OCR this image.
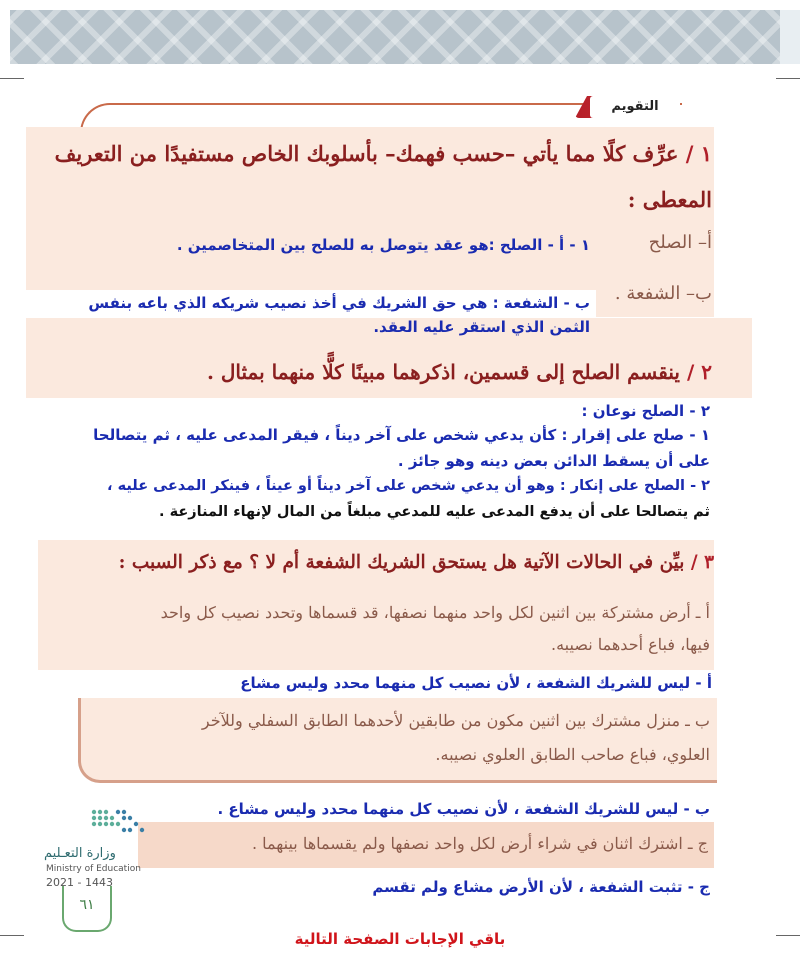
التقويم
١ / عرِّف كلًا مما يأتي –حسب فهمك– بأسلوبك الخاص مستفيدًا من التعريف
المعطى :
أ– الصلح
١ - أ - الصلح :هو عقد يتوصل به للصلح بين المتخاصمين .
ب– الشفعة .
ب - الشفعة : هي حق الشريك في أخذ نصيب شريكه الذي باعه بنفس
الثمن الذي استقر عليه العقد.
٢ / ينقسم الصلح إلى قسمين، اذكرهما مبينًا كلًّا منهما بمثال .
٢ - الصلح نوعان :
١ - صلح على إقرار : كأن يدعي شخص على آخر ديناً ، فيقر المدعى عليه ، ثم يتصالحا
على أن يسقط الدائن بعض دينه وهو جائز .
٢ - الصلح على إنكار : وهو أن يدعي شخص على آخر ديناً أو عيناً ، فينكر المدعى عليه ،
ثم يتصالحا على أن يدفع المدعى عليه للمدعي مبلغاً من المال لإنهاء المنازعة .
٣ / بيِّن في الحالات الآتية هل يستحق الشريك الشفعة أم لا ؟ مع ذكر السبب :
أ ـ أرض مشتركة بين اثنين لكل واحد منهما نصفها، قد قسماها وتحدد نصيب كل واحد
فيها، فباع أحدهما نصيبه.
أ - ليس للشريك الشفعة ، لأن نصيب كل منهما محدد وليس مشاع
ب ـ منزل مشترك بين اثنين مكون من طابقين لأحدهما الطابق السفلي وللآخر
العلوي، فباع صاحب الطابق العلوي نصيبه.
ب - ليس للشريك الشفعة ، لأن نصيب كل منهما محدد وليس مشاع .
ج ـ اشترك اثنان في شراء أرض لكل واحد نصفها ولم يقسماها بينهما .
ج - تثبت الشفعة ، لأن الأرض مشاع ولم تقسم
وزارة التعـليم
Ministry of Education
2021 - 1443
٦١
باقي الإجابات الصفحة التالية
